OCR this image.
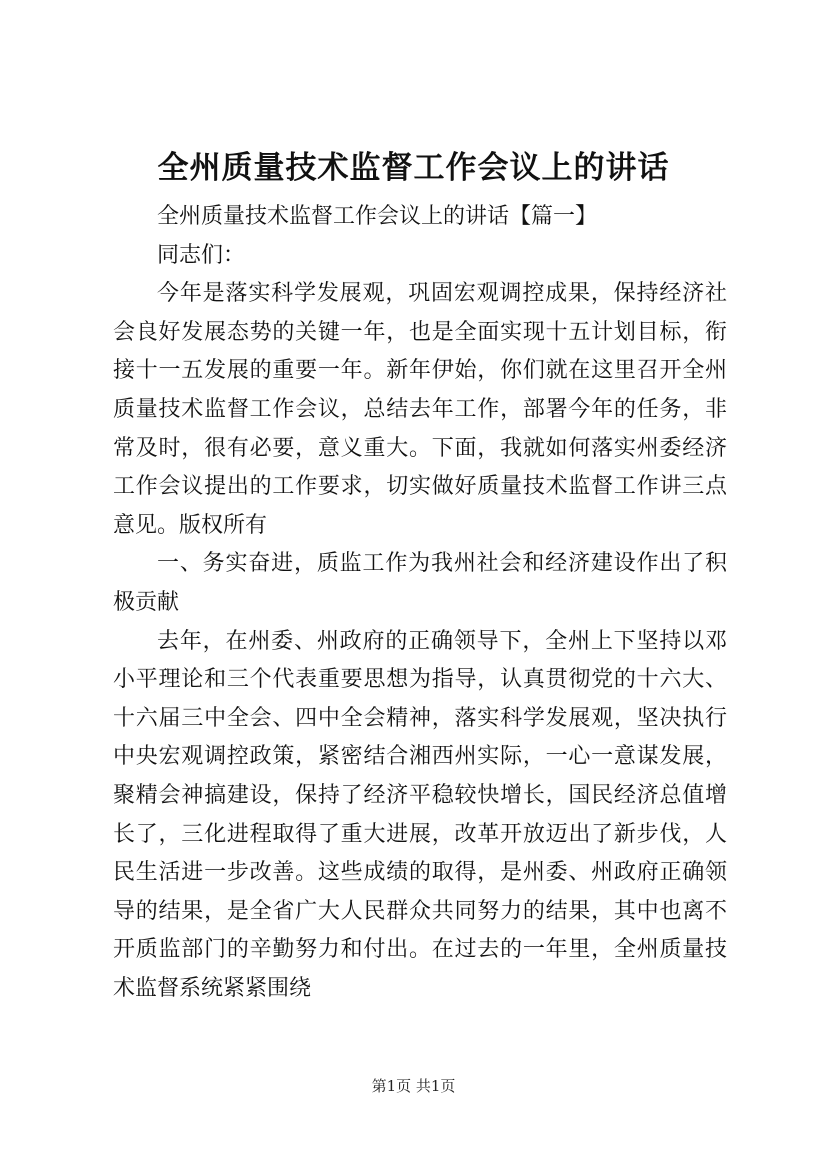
全州质量技术监督工作会议上的讲话

全州质量技术监督工作会议上的讲话【篇一】

同志们：

今年是落实科学发展观，巩固宏观调控成果，保持经济社会良好发展态势的关键一年，也是全面实现十五计划目标，衔接十一五发展的重要一年。新年伊始，你们就在这里召开全州质量技术监督工作会议，总结去年工作，部署今年的任务，非常及时，很有必要，意义重大。下面，我就如何落实州委经济工作会议提出的工作要求，切实做好质量技术监督工作讲三点意见。版权所有

一、务实奋进，质监工作为我州社会和经济建设作出了积极贡献

去年，在州委、州政府的正确领导下，全州上下坚持以邓小平理论和三个代表重要思想为指导，认真贯彻党的十六大、十六届三中全会、四中全会精神，落实科学发展观，坚决执行中央宏观调控政策，紧密结合湘西州实际，一心一意谋发展，聚精会神搞建设，保持了经济平稳较快增长，国民经济总值增长了，三化进程取得了重大进展，改革开放迈出了新步伐，人民生活进一步改善。这些成绩的取得，是州委、州政府正确领导的结果，是全省广大人民群众共同努力的结果，其中也离不开质监部门的辛勤努力和付出。在过去的一年里，全州质量技术监督系统紧紧围绕

第1页 共1页
